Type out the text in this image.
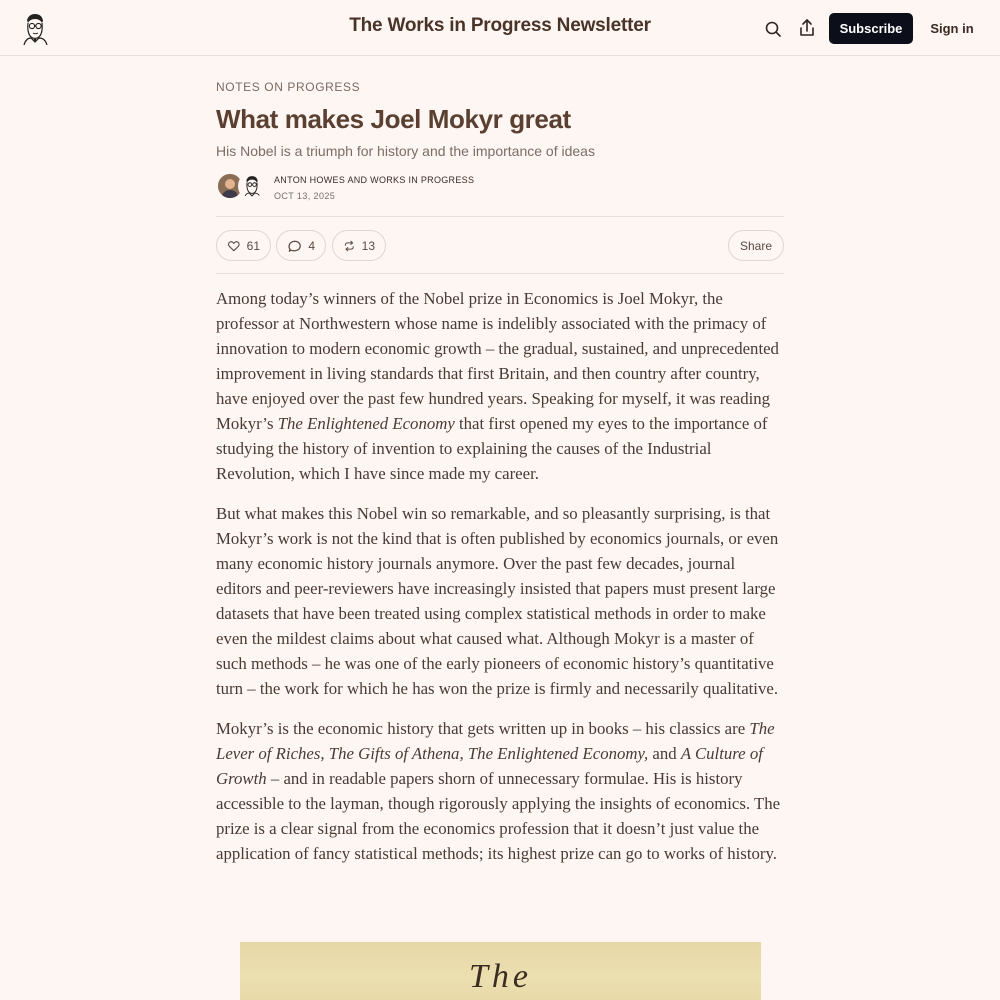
The Works in Progress Newsletter	Subscribe	Sign in
NOTES ON PROGRESS
What makes Joel Mokyr great
His Nobel is a triumph for history and the importance of ideas
ANTON HOWES AND WORKS IN PROGRESS
OCT 13, 2025
61	4	13	Share

Among today’s winners of the Nobel prize in Economics is Joel Mokyr, the professor at Northwestern whose name is indelibly associated with the primacy of innovation to modern economic growth – the gradual, sustained, and unprecedented improvement in living standards that first Britain, and then country after country, have enjoyed over the past few hundred years. Speaking for myself, it was reading Mokyr’s The Enlightened Economy that first opened my eyes to the importance of studying the history of invention to explaining the causes of the Industrial Revolution, which I have since made my career.

But what makes this Nobel win so remarkable, and so pleasantly surprising, is that Mokyr’s work is not the kind that is often published by economics journals, or even many economic history journals anymore. Over the past few decades, journal editors and peer-reviewers have increasingly insisted that papers must present large datasets that have been treated using complex statistical methods in order to make even the mildest claims about what caused what. Although Mokyr is a master of such methods – he was one of the early pioneers of economic history’s quantitative turn – the work for which he has won the prize is firmly and necessarily qualitative.

Mokyr’s is the economic history that gets written up in books – his classics are The Lever of Riches, The Gifts of Athena, The Enlightened Economy, and A Culture of Growth – and in readable papers shorn of unnecessary formulae. His is history accessible to the layman, though rigorously applying the insights of economics. The prize is a clear signal from the economics profession that it doesn’t just value the application of fancy statistical methods; its highest prize can go to works of history.

The
